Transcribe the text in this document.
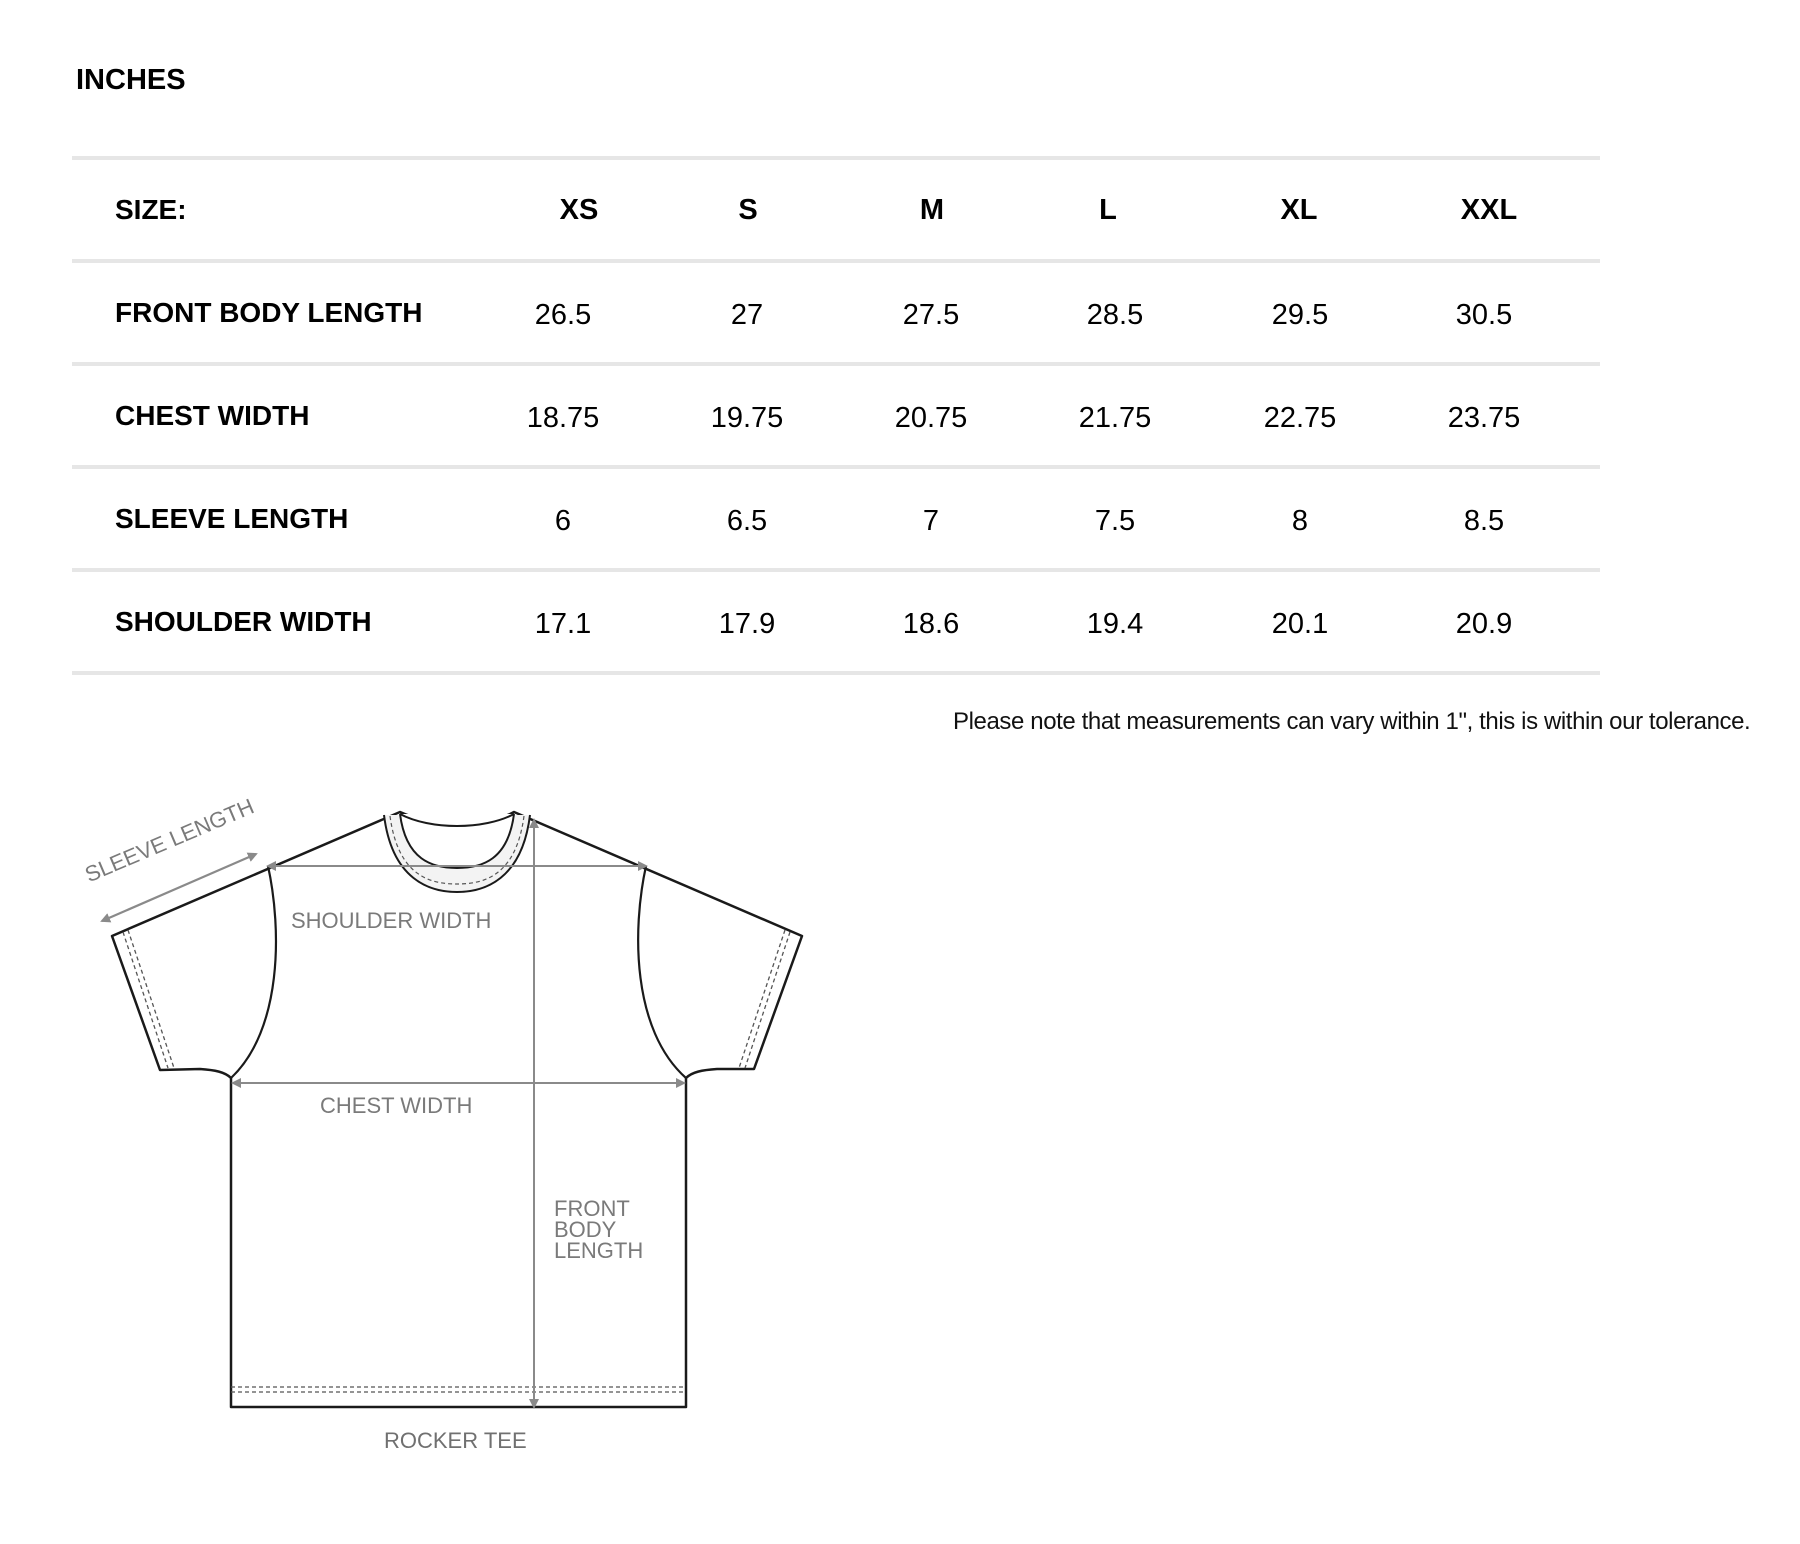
INCHES
SIZE:	XS	S	M	L	XL	XXL
FRONT BODY LENGTH	26.5	27	27.5	28.5	29.5	30.5
CHEST WIDTH	18.75	19.75	20.75	21.75	22.75	23.75
SLEEVE LENGTH	6	6.5	7	7.5	8	8.5
SHOULDER WIDTH	17.1	17.9	18.6	19.4	20.1	20.9
Please note that measurements can vary within 1", this is within our tolerance.
SLEEVE LENGTH
SHOULDER WIDTH
CHEST WIDTH
FRONT
BODY
LENGTH
ROCKER TEE
